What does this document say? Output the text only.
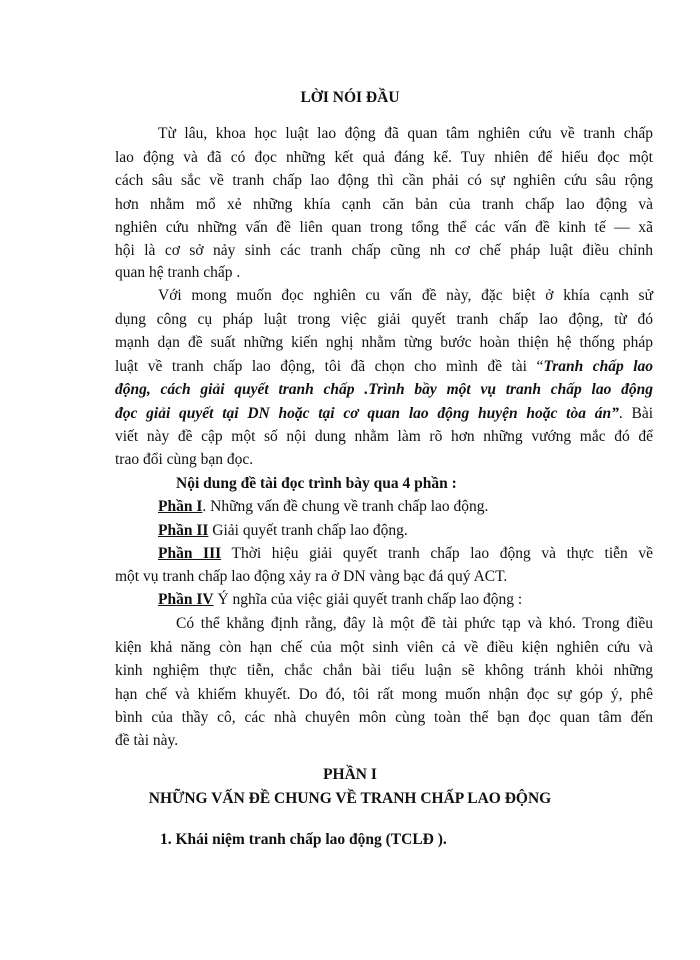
LỜI NÓI ĐẦU
Từ lâu, khoa học luật lao động đã quan tâm nghiên cứu về tranh chấp
lao động và đã có đọc những kết quả đáng kể. Tuy nhiên để hiểu đọc một
cách sâu sắc về tranh chấp lao động thì cần phải có sự nghiên cứu sâu rộng
hơn nhằm mổ xẻ những khía cạnh căn bản của tranh chấp lao động và
nghiên cứu những vấn đề liên quan trong tổng thể các vấn đề kinh tế — xã
hội là cơ sở nảy sinh các tranh chấp cũng nh cơ chế pháp luật điều chỉnh
quan hệ tranh chấp .
Với mong muốn đọc nghiên cu vấn đề này, đặc biệt ở khía cạnh sử
dụng công cụ pháp luật trong việc giải quyết tranh chấp lao động, từ đó
mạnh dạn đề suất những kiến nghị nhằm từng bước hoàn thiện hệ thống pháp
luật về tranh chấp lao động, tôi đã chọn cho mình đề tài “Tranh chấp lao
động, cách giải quyết tranh chấp .Trình bầy một vụ tranh chấp lao động
đọc giải quyết tại DN hoặc tại cơ quan lao động huyện hoặc tòa án”. Bài
viết này đề cập một số nội dung nhằm làm rõ hơn những vướng mắc đó để
trao đổi cùng bạn đọc.
Nội dung đề tài đọc trình bày qua 4 phần :
Phần I. Những vấn đề chung về tranh chấp lao động.
Phần II Giải quyết tranh chấp lao động.
Phần III Thời hiệu giải quyết tranh chấp lao động và thực tiễn về
một vụ tranh chấp lao động xảy ra ở DN vàng bạc đá quý ACT.
Phần IV Ý nghĩa của việc giải quyết tranh chấp lao động :
Có thể khẳng định rằng, đây là một đề tài phức tạp và khó. Trong điều
kiện khả năng còn hạn chế của một sinh viên cả về điều kiện nghiên cứu và
kinh nghiệm thực tiễn, chắc chắn bài tiểu luận sẽ không tránh khỏi những
hạn chế và khiếm khuyết. Do đó, tôi rất mong muốn nhận đọc sự góp ý, phê
bình của thầy cô, các nhà chuyên môn cùng toàn thể bạn đọc quan tâm đến
đề tài này.
PHẦN I
NHỮNG VẤN ĐỀ CHUNG VỀ TRANH CHẤP LAO ĐỘNG
1. Khái niệm tranh chấp lao động (TCLĐ ).
